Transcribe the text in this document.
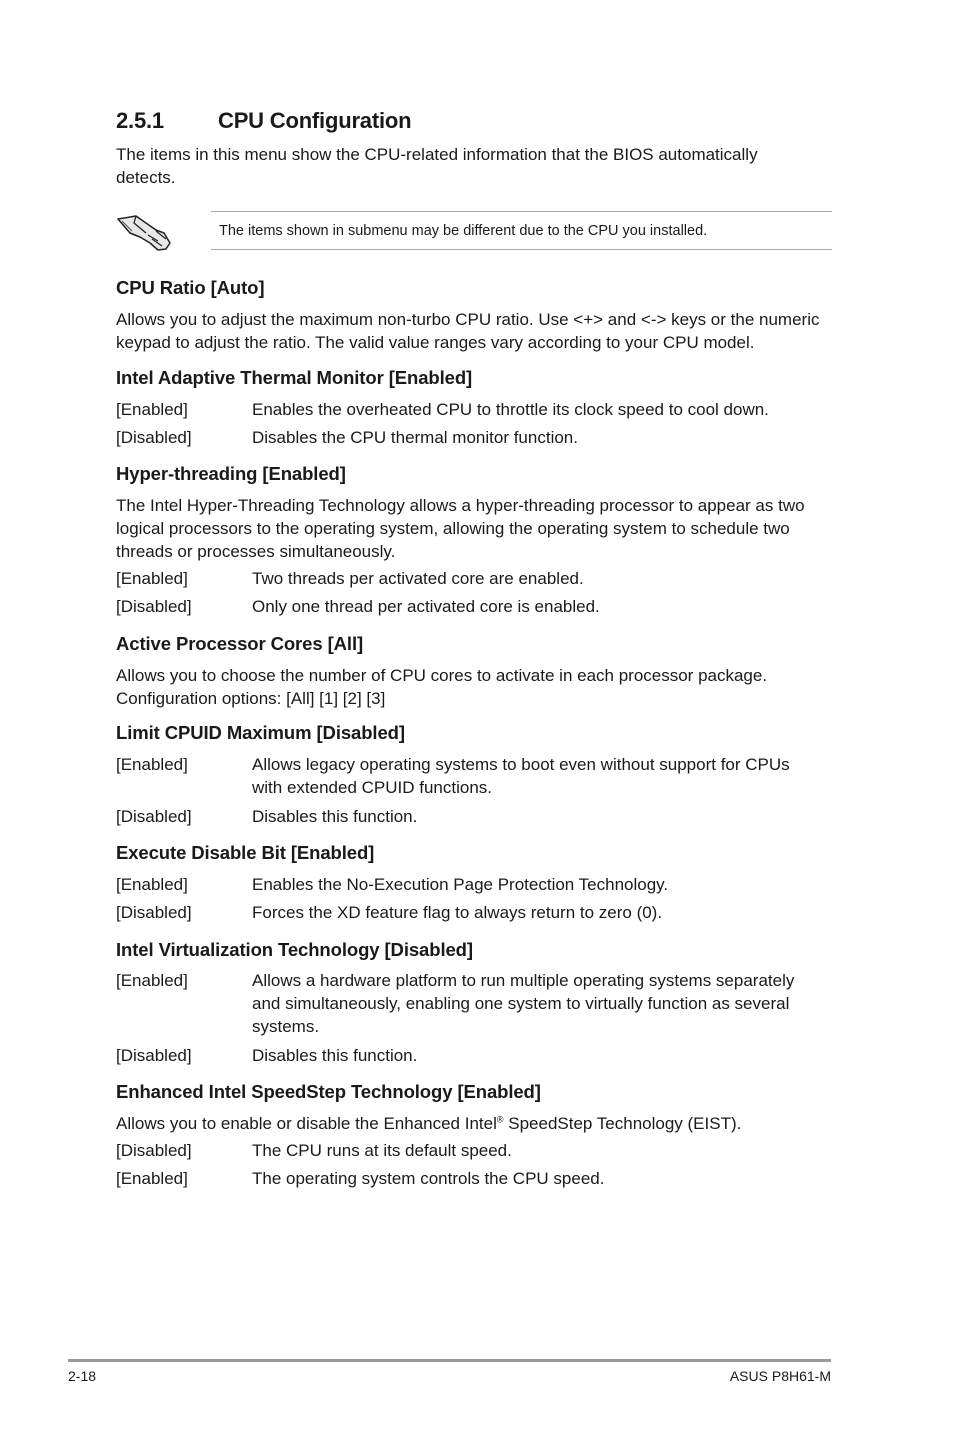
2.5.1 CPU Configuration
The items in this menu show the CPU-related information that the BIOS automatically detects.
The items shown in submenu may be different due to the CPU you installed.
CPU Ratio [Auto]
Allows you to adjust the maximum non-turbo CPU ratio. Use <+> and <-> keys or the numeric keypad to adjust the ratio. The valid value ranges vary according to your CPU model.
Intel Adaptive Thermal Monitor [Enabled]
[Enabled]	Enables the overheated CPU to throttle its clock speed to cool down.
[Disabled]	Disables the CPU thermal monitor function.
Hyper-threading [Enabled]
The Intel Hyper-Threading Technology allows a hyper-threading processor to appear as two logical processors to the operating system, allowing the operating system to schedule two threads or processes simultaneously.
[Enabled]	Two threads per activated core are enabled.
[Disabled]	Only one thread per activated core is enabled.
Active Processor Cores [All]
Allows you to choose the number of CPU cores to activate in each processor package. Configuration options: [All] [1] [2] [3]
Limit CPUID Maximum [Disabled]
[Enabled]	Allows legacy operating systems to boot even without support for CPUs with extended CPUID functions.
[Disabled]	Disables this function.
Execute Disable Bit [Enabled]
[Enabled]	Enables the No-Execution Page Protection Technology.
[Disabled]	Forces the XD feature flag to always return to zero (0).
Intel Virtualization Technology [Disabled]
[Enabled]	Allows a hardware platform to run multiple operating systems separately and simultaneously, enabling one system to virtually function as several systems.
[Disabled]	Disables this function.
Enhanced Intel SpeedStep Technology [Enabled]
Allows you to enable or disable the Enhanced Intel® SpeedStep Technology (EIST).
[Disabled]	The CPU runs at its default speed.
[Enabled]	The operating system controls the CPU speed.
2-18	ASUS P8H61-M
